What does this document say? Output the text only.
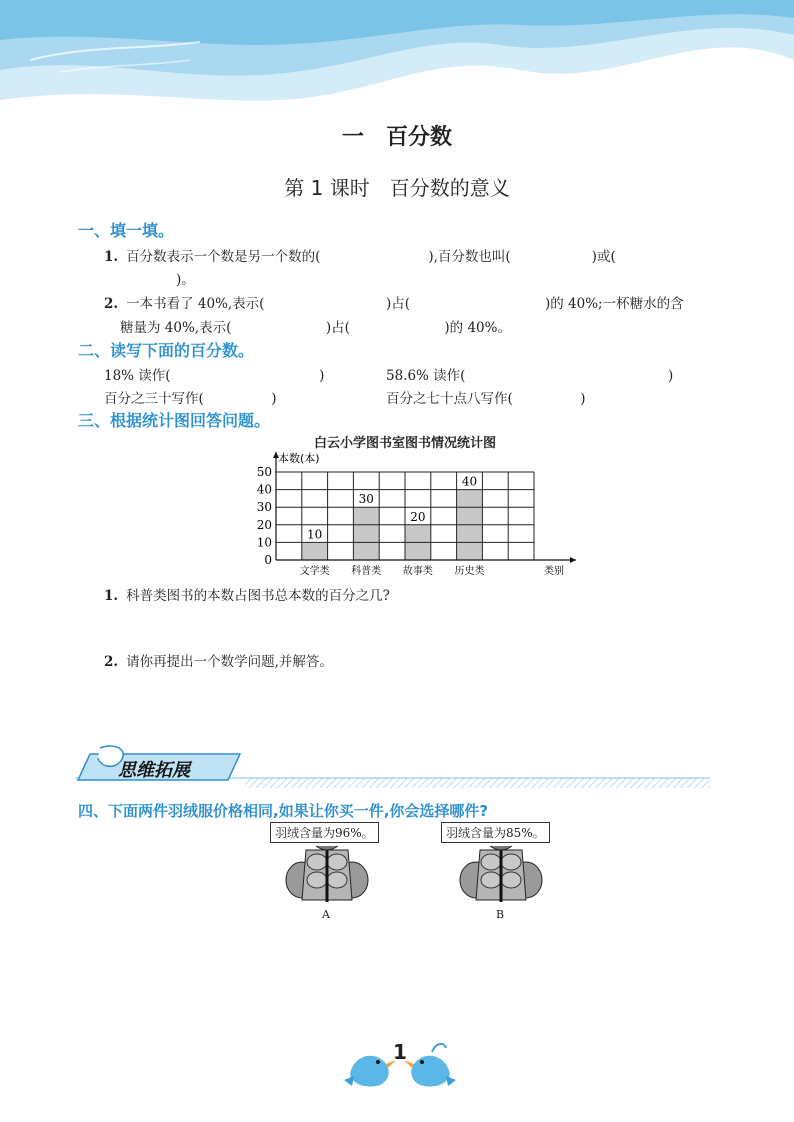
一　百分数
第 1 课时　百分数的意义
一、填一填。
1. 百分数表示一个数是另一个数的(　　　　　　　　),百分数也叫(　　　　　　)或(
)。
2. 一本书看了 40%,表示(　　　　　　　　　)占(　　　　　　　　　　)的 40%;一杯糖水的含
糖量为 40%,表示(　　　　　　　)占(　　　　　　　)的 40%。
二、读写下面的百分数。
18% 读作(　　　　　　　　　　　)	58.6% 读作(　　　　　　　　　　　　　　　)
百分之三十写作(　　　　　)	百分之七十点八写作(　　　　　)
三、根据统计图回答问题。
白云小学图书室图书情况统计图
10
文学类
30
科普类
20
故事类
40
历史类
0
10
20
30
40
50
本数(本)
类别
1. 科普类图书的本数占图书总本数的百分之几?
2. 请你再提出一个数学问题,并解答。
思维拓展
四、下面两件羽绒服价格相同,如果让你买一件,你会选择哪件?
羽绒含量为96%。
A
羽绒含量为85%。
B
1
